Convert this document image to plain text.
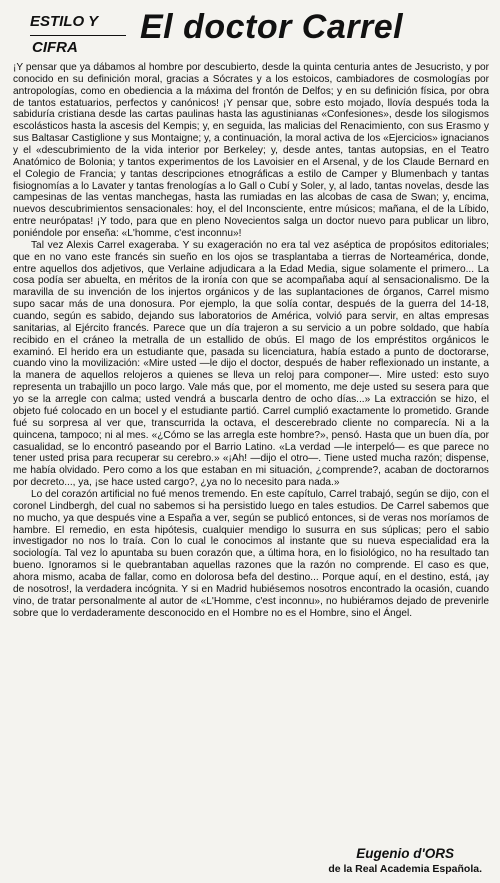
ESTILO Y
CIFRA
El doctor Carrel

¡Y pensar que ya dábamos al hombre por descubierto, desde la quinta centuria antes de Jesucristo, y por conocido en su definición moral, gracias a Sócrates y a los estoicos, cambiadores de cosmologías por antropologías, como en obediencia a la máxima del frontón de Delfos; y en su definición física, por obra de tantos estatuarios, perfectos y canónicos! ¡Y pensar que, sobre esto mojado, llovía después toda la sabiduría cristiana desde las cartas paulinas hasta las agustinianas «Confesiones», desde los silogismos escolásticos hasta la ascesis del Kempis; y, en seguida, las malicias del Renacimiento, con sus Erasmo y sus Baltasar Castiglione y sus Montaigne; y, a continuación, la moral activa de los «Ejercicios» ignacianos y el «descubrimiento de la vida interior por Berkeley; y, desde antes, tantas autopsias, en el Teatro Anatómico de Bolonia; y tantos experimentos de los Lavoisier en el Arsenal, y de los Claude Bernard en el Colegio de Francia; y tantas descripciones etnográficas a estilo de Camper y Blumenbach y tantas fisiognomías a lo Lavater y tantas frenologías a lo Gall o Cubí y Soler, y, al lado, tantas novelas, desde las campesinas de las ventas manchegas, hasta las rumiadas en las alcobas de casa de Swan; y, encima, nuevos descubrimientos sensacionales: hoy, el del Inconsciente, entre músicos; mañana, el de la Líbido, entre neurópatas! ¡Y todo, para que en pleno Novecientos salga un doctor nuevo para publicar un libro, poniéndole por enseña: «L'homme, c'est inconnu»!

Tal vez Alexis Carrel exageraba. Y su exageración no era tal vez aséptica de propósitos editoriales; que en no vano este francés sin sueño en los ojos se trasplantaba a tierras de Norteamérica, donde, entre aquellos dos adjetivos, que Verlaine adjudicara a la Edad Media, sigue solamente el primero... La cosa podía ser abuelta, en méritos de la ironía con que se acompañaba aquí al sensacionalismo. De la maravilla de su invención de los injertos orgánicos y de las suplantaciones de órganos, Carrel mismo supo sacar más de una donosura. Por ejemplo, la que solía contar, después de la guerra del 14-18, cuando, según es sabido, dejando sus laboratorios de América, volvió para servir, en altas empresas sanitarias, al Ejército francés. Parece que un día trajeron a su servicio a un pobre soldado, que había recibido en el cráneo la metralla de un estallido de obús. El mago de los empréstitos orgánicos le examinó. El herido era un estudiante que, pasada su licenciatura, había estado a punto de doctorarse, cuando vino la movilización: «Mire usted —le dijo el doctor, después de haber reflexionado un instante, a la manera de aquellos relojeros a quienes se lleva un reloj para componer—. Mire usted: esto suyo representa un trabajillo un poco largo. Vale más que, por el momento, me deje usted su sesera para que yo se la arregle con calma; usted vendrá a buscarla dentro de ocho días...» La extracción se hizo, el objeto fué colocado en un bocel y el estudiante partió. Carrel cumplió exactamente lo prometido. Grande fué su sorpresa al ver que, transcurrida la octava, el descerebrado cliente no comparecía. Ni a la quincena, tampoco; ni al mes. «¿Cómo se las arregla este hombre?», pensó. Hasta que un buen día, por casualidad, se lo encontró paseando por el Barrio Latino. «La verdad —le interpeló— es que parece no tener usted prisa para recuperar su cerebro.» «¡Ah! —dijo el otro—. Tiene usted mucha razón; dispense, me había olvidado. Pero como a los que estaban en mi situación, ¿comprende?, acaban de doctorarnos por decreto..., ya, ¡se hace usted cargo?, ¿ya no lo necesito para nada.»

Lo del corazón artificial no fué menos tremendo. En este capítulo, Carrel trabajó, según se dijo, con el coronel Lindbergh, del cual no sabemos si ha persistido luego en tales estudios. De Carrel sabemos que no mucho, ya que después vine a España a ver, según se publicó entonces, si de veras nos moríamos de hambre. El remedio, en esta hipótesis, cualquier mendigo lo susurra en sus súplicas; pero el sabio investigador no nos lo traía. Con lo cual le conocimos al instante que su nueva especialidad era la sociología. Tal vez lo apuntaba su buen corazón que, a última hora, en lo fisiológico, no ha resultado tan bueno. Ignoramos si le quebrantaban aquellas razones que la razón no comprende. El caso es que, ahora mismo, acaba de fallar, como en dolorosa befa del destino... Porque aquí, en el destino, está, ¡ay de nosotros!, la verdadera incógnita. Y si en Madrid hubiésemos nosotros encontrado la ocasión, cuando vino, de tratar personalmente al autor de «L'Homme, c'est inconnu», no hubiéramos dejado de prevenirle sobre que lo verdaderamente desconocido en el Hombre no es el Hombre, sino el Ángel.

Eugenio d'ORS
de la Real Academia Española.
